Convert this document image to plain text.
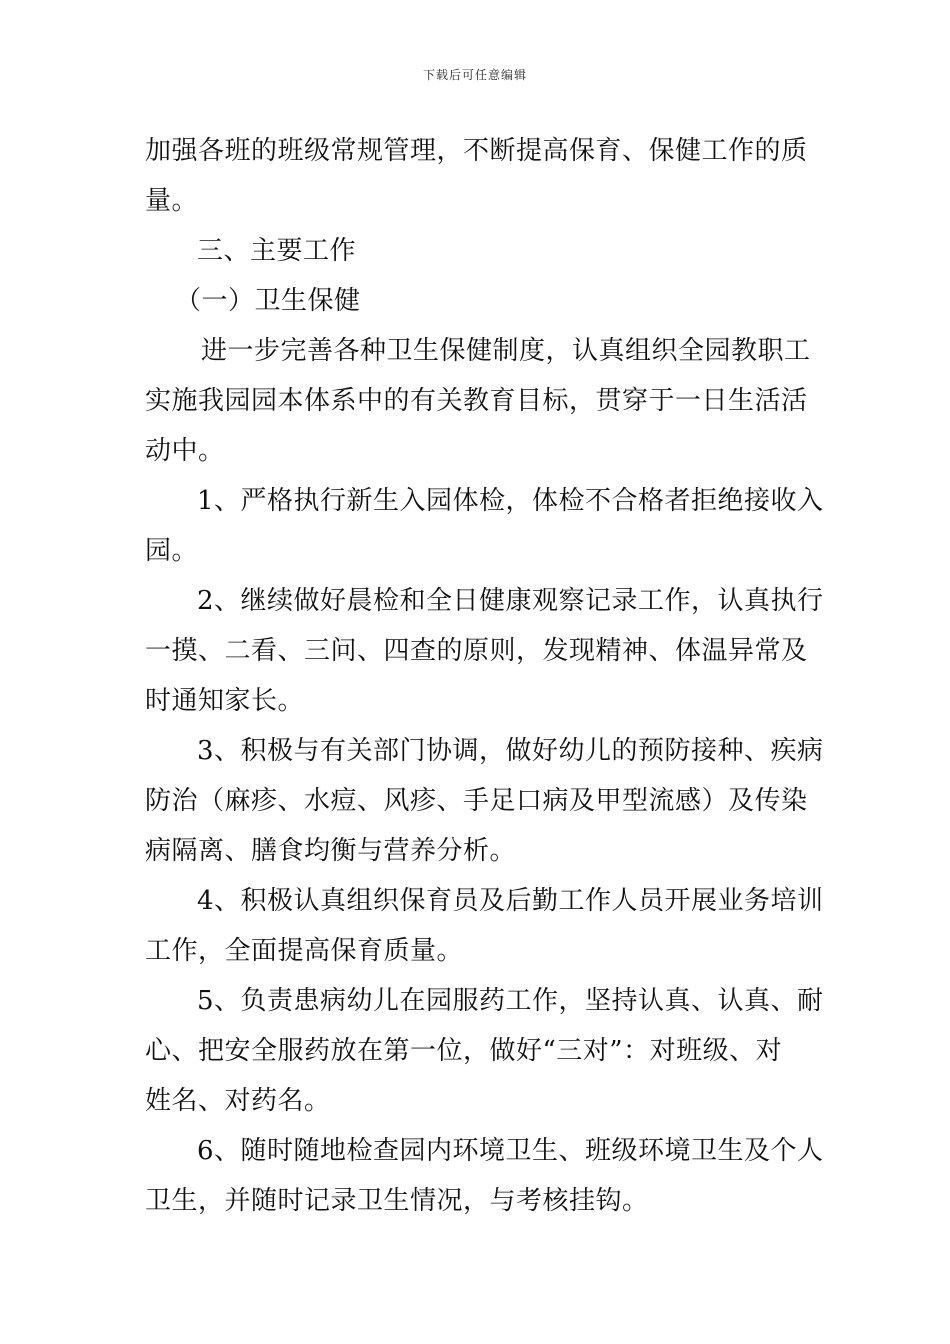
下载后可任意编辑
加强各班的班级常规管理，不断提高保育、保健工作的质
量。
三、主要工作
（一）卫生保健
进一步完善各种卫生保健制度，认真组织全园教职工
实施我园园本体系中的有关教育目标，贯穿于一日生活活
动中。
1、严格执行新生入园体检，体检不合格者拒绝接收入
园。
2、继续做好晨检和全日健康观察记录工作，认真执行
一摸、二看、三问、四查的原则，发现精神、体温异常及
时通知家长。
3、积极与有关部门协调，做好幼儿的预防接种、疾病
防治（麻疹、水痘、风疹、手足口病及甲型流感）及传染
病隔离、膳食均衡与营养分析。
4、积极认真组织保育员及后勤工作人员开展业务培训
工作，全面提高保育质量。
5、负责患病幼儿在园服药工作，坚持认真、认真、耐
心、把安全服药放在第一位，做好“三对”：对班级、对
姓名、对药名。
6、随时随地检查园内环境卫生、班级环境卫生及个人
卫生，并随时记录卫生情况，与考核挂钩。
